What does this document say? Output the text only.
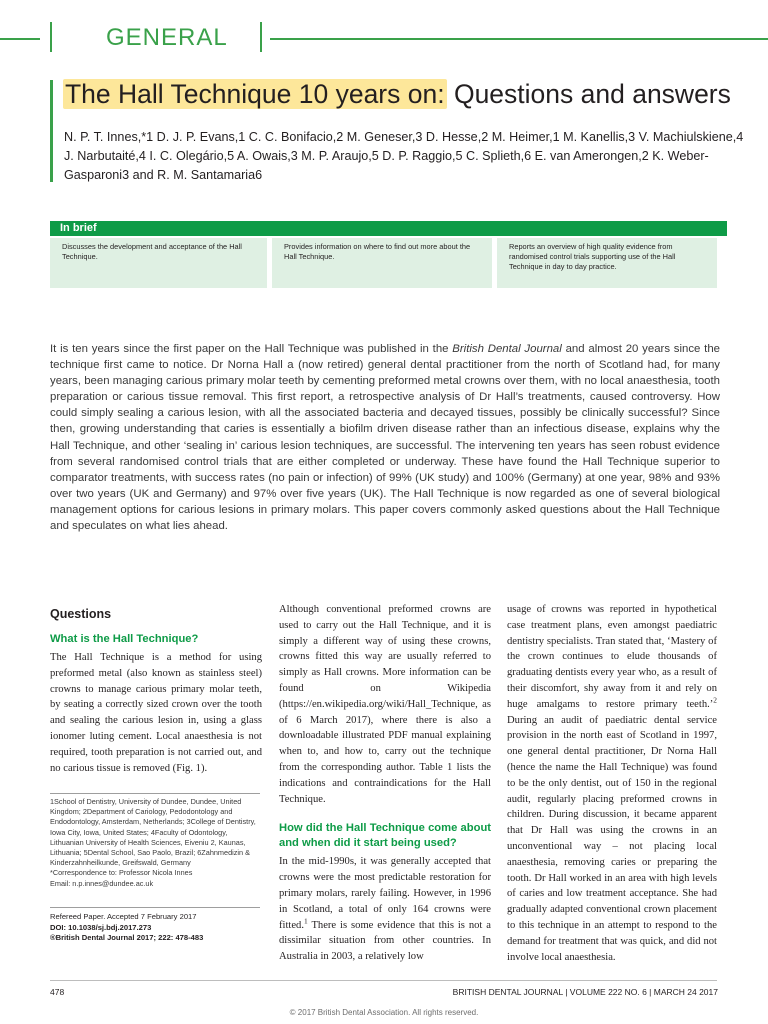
GENERAL
The Hall Technique 10 years on: Questions and answers
N. P. T. Innes,*1 D. J. P. Evans,1 C. C. Bonifacio,2 M. Geneser,3 D. Hesse,2 M. Heimer,1 M. Kanellis,3 V. Machiulskiene,4 J. Narbutaité,4 I. C. Olegário,5 A. Owais,3 M. P. Araujo,5 D. P. Raggio,5 C. Splieth,6 E. van Amerongen,2 K. Weber-Gasparoni3 and R. M. Santamaria6
In brief
Discusses the development and acceptance of the Hall Technique.
Provides information on where to find out more about the Hall Technique.
Reports an overview of high quality evidence from randomised control trials supporting use of the Hall Technique in day to day practice.
It is ten years since the first paper on the Hall Technique was published in the British Dental Journal and almost 20 years since the technique first came to notice. Dr Norna Hall a (now retired) general dental practitioner from the north of Scotland had, for many years, been managing carious primary molar teeth by cementing preformed metal crowns over them, with no local anaesthesia, tooth preparation or carious tissue removal. This first report, a retrospective analysis of Dr Hall’s treatments, caused controversy. How could simply sealing a carious lesion, with all the associated bacteria and decayed tissues, possibly be clinically successful? Since then, growing understanding that caries is essentially a biofilm driven disease rather than an infectious disease, explains why the Hall Technique, and other ‘sealing in’ carious lesion techniques, are successful. The intervening ten years has seen robust evidence from several randomised control trials that are either completed or underway. These have found the Hall Technique superior to comparator treatments, with success rates (no pain or infection) of 99% (UK study) and 100% (Germany) at one year, 98% and 93% over two years (UK and Germany) and 97% over five years (UK). The Hall Technique is now regarded as one of several biological management options for carious lesions in primary molars. This paper covers commonly asked questions about the Hall Technique and speculates on what lies ahead.
Questions
What is the Hall Technique?
The Hall Technique is a method for using preformed metal (also known as stainless steel) crowns to manage carious primary molar teeth, by seating a correctly sized crown over the tooth and sealing the carious lesion in, using a glass ionomer luting cement. Local anaesthesia is not required, tooth preparation is not carried out, and no carious tissue is removed (Fig. 1).
1School of Dentistry, University of Dundee, Dundee, United Kingdom; 2Department of Cariology, Pedodontology and Endodontology, Amsterdam, Netherlands; 3College of Dentistry, Iowa City, Iowa, United States; 4Faculty of Odontology, Lithuanian University of Health Sciences, Eiveniu 2, Kaunas, Lithuania; 5Dental School, Sao Paolo, Brazil; 6Zahnmedizin & Kinderzahnheilkunde, Greifswald, Germany
*Correspondence to: Professor Nicola Innes
Email: n.p.innes@dundee.ac.uk
Refereed Paper. Accepted 7 February 2017
DOI: 10.1038/sj.bdj.2017.273
®British Dental Journal 2017; 222: 478-483
Although conventional preformed crowns are used to carry out the Hall Technique, and it is simply a different way of using these crowns, crowns fitted this way are usually referred to simply as Hall crowns. More information can be found on Wikipedia (https://en.wikipedia.org/wiki/Hall_Technique, as of 6 March 2017), where there is also a downloadable illustrated PDF manual explaining when to, and how to, carry out the technique from the corresponding author. Table 1 lists the indications and contraindications for the Hall Technique.
How did the Hall Technique come about and when did it start being used?
In the mid-1990s, it was generally accepted that crowns were the most predictable restoration for primary molars, rarely failing. However, in 1996 in Scotland, a total of only 164 crowns were fitted.$^1$ There is some evidence that this is not a dissimilar situation from other countries. In Australia in 2003, a relatively low
usage of crowns was reported in hypothetical case treatment plans, even amongst paediatric dentistry specialists. Tran stated that, ‘Mastery of the crown continues to elude thousands of graduating dentists every year who, as a result of their discomfort, shy away from it and rely on huge amalgams to restore primary teeth.’$^2$ During an audit of paediatric dental service provision in the north east of Scotland in 1997, one general dental practitioner, Dr Norna Hall (hence the name the Hall Technique) was found to be the only dentist, out of 150 in the regional audit, regularly placing preformed crowns in children. During discussion, it became apparent that Dr Hall was using the crowns in an unconventional way – not placing local anaesthesia, removing caries or preparing the tooth. Dr Hall worked in an area with high levels of caries and low treatment acceptance. She had gradually adapted conventional crown placement to this technique in an attempt to respond to the demand for treatment that was quick, and did not involve local anaesthesia.
478	BRITISH DENTAL JOURNAL | VOLUME 222 NO. 6 | MARCH 24 2017
© 2017 British Dental Association. All rights reserved.
